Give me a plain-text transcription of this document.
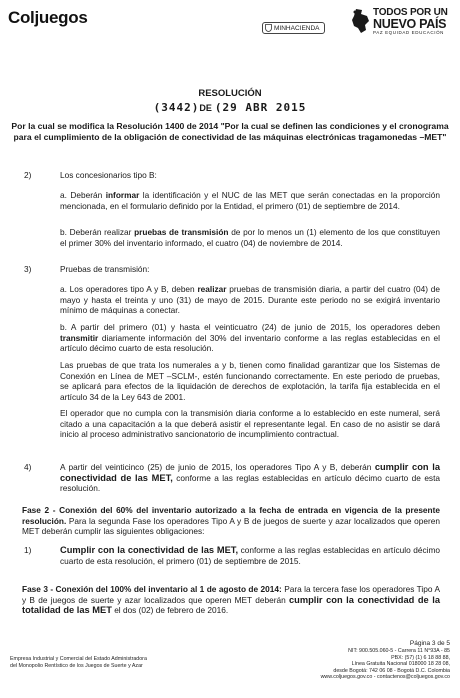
Coljuegos
MINHACIENDA
TODOS POR UN
NUEVO PAÍS
PAZ EQUIDAD EDUCACIÓN
RESOLUCIÓN
(3442)DE (29 ABR 2015
Por la cual se modifica la Resolución 1400 de 2014 "Por la cual se definen las condiciones y el cronograma para el cumplimiento de la obligación de conectividad de las máquinas electrónicas tragamonedas –MET"
2)	Los concesionarios tipo B:
a. Deberán informar la identificación y el NUC de las MET que serán conectadas en la proporción mencionada, en el formulario definido por la Entidad, el primero (01) de septiembre de 2014.
b. Deberán realizar pruebas de transmisión de por lo menos un (1) elemento de los que constituyen el primer 30% del inventario informado, el cuatro (04) de noviembre de 2014.
3)	Pruebas de transmisión:
a. Los operadores tipo A y B, deben realizar pruebas de transmisión diaria, a partir del cuatro (04) de mayo y hasta el treinta y uno (31) de mayo de 2015. Durante este periodo no se exigirá inventario mínimo de máquinas a conectar.
b. A partir del primero (01) y hasta el veinticuatro (24) de junio de 2015, los operadores deben transmitir diariamente información del 30% del inventario conforme a las reglas establecidas en el artículo décimo cuarto de esta resolución.
Las pruebas de que trata los numerales a y b, tienen como finalidad garantizar que los Sistemas de Conexión en Línea de MET –SCLM-, estén funcionando correctamente. En este periodo de pruebas, se aplicará para efectos de la liquidación de derechos de explotación, la tarifa fija establecida en el artículo 34 de la Ley 643 de 2001.
El operador que no cumpla con la transmisión diaria conforme a lo establecido en este numeral, será citado a una capacitación a la que deberá asistir el representante legal. En caso de no asistir se dará inicio al proceso administrativo sancionatorio de incumplimiento contractual.
4)	A partir del veinticinco (25) de junio de 2015, los operadores Tipo A y B, deberán cumplir con la conectividad de las MET, conforme a las reglas establecidas en artículo décimo cuarto de esta resolución.
Fase 2 - Conexión del 60% del inventario autorizado a la fecha de entrada en vigencia de la presente resolución. Para la segunda Fase los operadores Tipo A y B de juegos de suerte y azar localizados que operen MET deberán cumplir las siguientes obligaciones:
1)	Cumplir con la conectividad de las MET, conforme a las reglas establecidas en artículo décimo cuarto de esta resolución, el primero (01) de septiembre de 2015.
Fase 3 - Conexión del 100% del inventario al 1 de agosto de 2014: Para la tercera fase los operadores Tipo A y B de juegos de suerte y azar localizados que operen MET deberán cumplir con la conectividad de la totalidad de las MET el dos (02) de febrero de 2016.
Empresa Industrial y Comercial del Estado Administradora
del Monopolio Rentístico de los Juegos de Suerte y Azar
Página 3 de 5
NIT: 900.505.060-5 - Carrera 11 N°93A - 85
PBX: (57) (1) 6 18 88 88,
Línea Gratuita Nacional 018000 18 28 08,
desde Bogotá: 742 06 08 - Bogotá D.C. Colombia
www.coljuegos.gov.co - contactenos@coljuegos.gov.co
